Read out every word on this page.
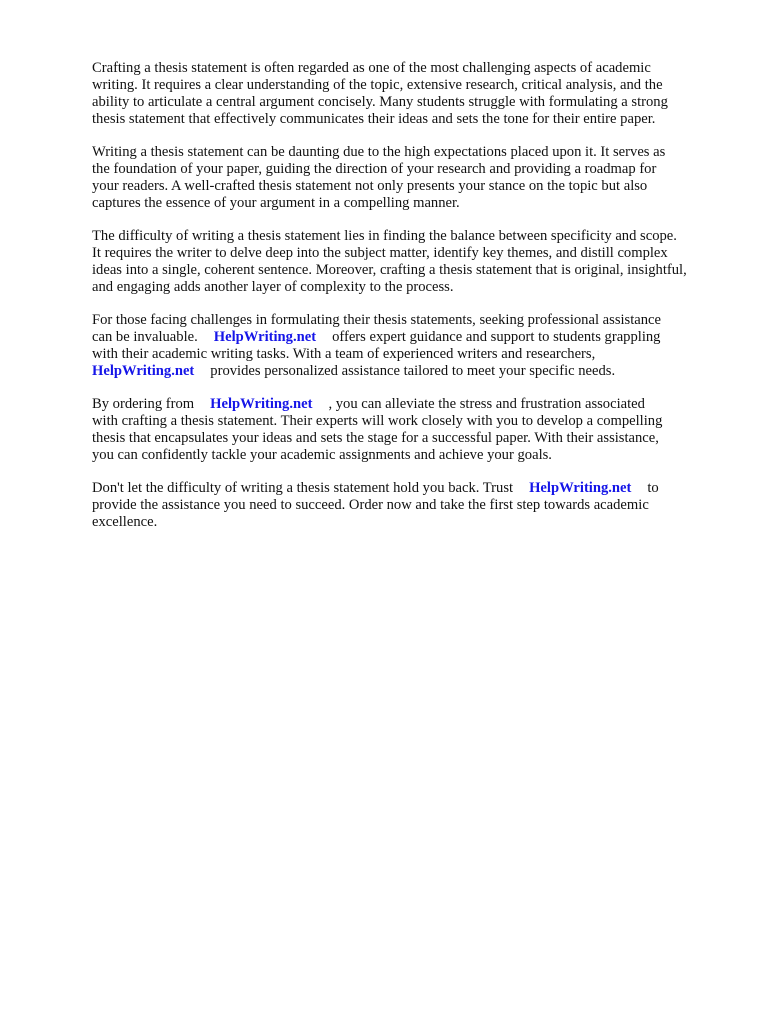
Crafting a thesis statement is often regarded as one of the most challenging aspects of academic
writing. It requires a clear understanding of the topic, extensive research, critical analysis, and the
ability to articulate a central argument concisely. Many students struggle with formulating a strong
thesis statement that effectively communicates their ideas and sets the tone for their entire paper.

Writing a thesis statement can be daunting due to the high expectations placed upon it. It serves as
the foundation of your paper, guiding the direction of your research and providing a roadmap for
your readers. A well-crafted thesis statement not only presents your stance on the topic but also
captures the essence of your argument in a compelling manner.

The difficulty of writing a thesis statement lies in finding the balance between specificity and scope.
It requires the writer to delve deep into the subject matter, identify key themes, and distill complex
ideas into a single, coherent sentence. Moreover, crafting a thesis statement that is original, insightful,
and engaging adds another layer of complexity to the process.

For those facing challenges in formulating their thesis statements, seeking professional assistance
can be invaluable. HelpWriting.net offers expert guidance and support to students grappling
with their academic writing tasks. With a team of experienced writers and researchers,
HelpWriting.net provides personalized assistance tailored to meet your specific needs.

By ordering from HelpWriting.net , you can alleviate the stress and frustration associated
with crafting a thesis statement. Their experts will work closely with you to develop a compelling
thesis that encapsulates your ideas and sets the stage for a successful paper. With their assistance,
you can confidently tackle your academic assignments and achieve your goals.

Don't let the difficulty of writing a thesis statement hold you back. Trust HelpWriting.net to
provide the assistance you need to succeed. Order now and take the first step towards academic
excellence.
